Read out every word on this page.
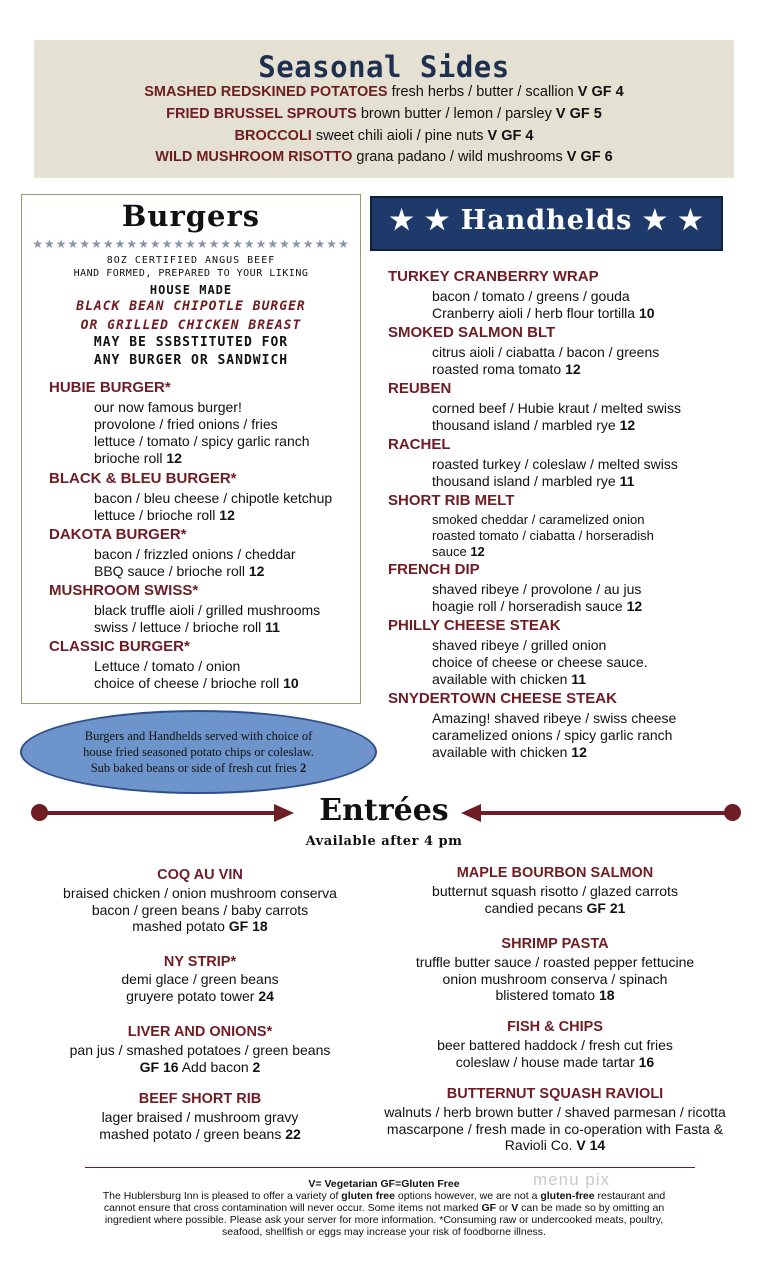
Seasonal Sides
SMASHED REDSKINED POTATOES fresh herbs / butter / scallion V GF 4
FRIED BRUSSEL SPROUTS brown butter / lemon / parsley V GF 5
BROCCOLI sweet chili aioli / pine nuts V GF 4
WILD MUSHROOM RISOTTO grana padano / wild mushrooms V GF 6
Burgers
★★★★★★★★★★★★★★★★★★★★★★★★★★★
8OZ CERTIFIED ANGUS BEEF
HAND FORMED, PREPARED TO YOUR LIKING
HOUSE MADE
BLACK BEAN CHIPOTLE BURGER
OR GRILLED CHICKEN BREAST
MAY BE SSBSTITUTED FOR
ANY BURGER OR SANDWICH
HUBIE BURGER*
our now famous burger!
provolone / fried onions / fries
lettuce / tomato / spicy garlic ranch
brioche roll 12
BLACK & BLEU BURGER*
bacon / bleu cheese / chipotle ketchup
lettuce / brioche roll 12
DAKOTA BURGER*
bacon / frizzled onions / cheddar
BBQ sauce / brioche roll 12
MUSHROOM SWISS*
black truffle aioli / grilled mushrooms
swiss / lettuce / brioche roll 11
CLASSIC BURGER*
Lettuce / tomato / onion
choice of cheese / brioche roll 10
★ ★ Handhelds ★ ★
TURKEY CRANBERRY WRAP
bacon / tomato / greens / gouda
Cranberry aioli / herb flour tortilla 10
SMOKED SALMON BLT
citrus aioli / ciabatta / bacon / greens
roasted roma tomato 12
REUBEN
corned beef / Hubie kraut / melted swiss
thousand island / marbled rye 12
RACHEL
roasted turkey / coleslaw / melted swiss
thousand island / marbled rye 11
SHORT RIB MELT
smoked cheddar / caramelized onion
roasted tomato / ciabatta / horseradish
sauce 12
FRENCH DIP
shaved ribeye / provolone / au jus
hoagie roll / horseradish sauce 12
PHILLY CHEESE STEAK
shaved ribeye / grilled onion
choice of cheese or cheese sauce.
available with chicken 11
SNYDERTOWN CHEESE STEAK
Amazing! shaved ribeye / swiss cheese
caramelized onions / spicy garlic ranch
available with chicken 12
Burgers and Handhelds served with choice of
house fried seasoned potato chips or coleslaw.
Sub baked beans or side of fresh cut fries 2
Entrées
Available after 4 pm
COQ AU VIN
braised chicken / onion mushroom conserva
bacon / green beans / baby carrots
mashed potato GF 18
NY STRIP*
demi glace / green beans
gruyere potato tower 24
LIVER AND ONIONS*
pan jus / smashed potatoes / green beans
GF 16 Add bacon 2
BEEF SHORT RIB
lager braised / mushroom gravy
mashed potato / green beans 22
MAPLE BOURBON SALMON
butternut squash risotto / glazed carrots
candied pecans GF 21
SHRIMP PASTA
truffle butter sauce / roasted pepper fettucine
onion mushroom conserva / spinach
blistered tomato 18
FISH & CHIPS
beer battered haddock / fresh cut fries
coleslaw / house made tartar 16
BUTTERNUT SQUASH RAVIOLI
walnuts / herb brown butter / shaved parmesan / ricotta
mascarpone / fresh made in co-operation with Fasta &
Ravioli Co. V 14
menu pix
V= Vegetarian GF=Gluten Free
The Hublersburg Inn is pleased to offer a variety of gluten free options however, we are not a gluten-free restaurant and
cannot ensure that cross contamination will never occur. Some items not marked GF or V can be made so by omitting an
ingredient where possible. Please ask your server for more information. *Consuming raw or undercooked meats, poultry,
seafood, shellfish or eggs may increase your risk of foodborne illness.
